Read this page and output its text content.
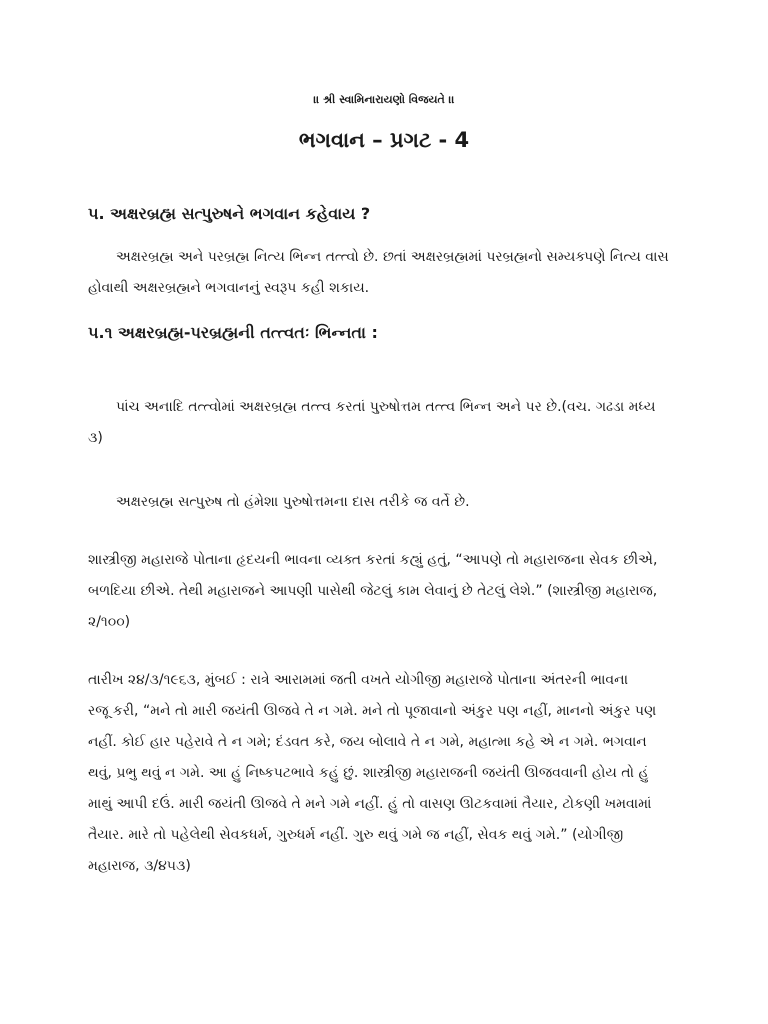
।। શ્રી સ્વામિનારાયણો વિજયતે ।।
ભગવાન – પ્રગટ - 4
૫. અક્ષરબ્રહ્મ સત્પુરુષને ભગવાન કહેવાય ?

અક્ષરબ્રહ્મ અને પરબ્રહ્મ નિત્ય ભિન્ન તત્ત્વો છે. છતાં અક્ષરબ્રહ્મમાં પરબ્રહ્મનો સમ્યક્પણે નિત્ય વાસ
હોવાથી અક્ષરબ્રહ્મને ભગવાનનું સ્વરૂપ કહી શકાય.

૫.૧ અક્ષરબ્રહ્મ-પરબ્રહ્મની તત્ત્વતઃ ભિન્નતા :

પાંચ અનાદિ તત્ત્વોમાં અક્ષરબ્રહ્મ તત્ત્વ કરતાં પુરુષોત્તમ તત્ત્વ ભિન્ન અને પર છે.(વચ. ગઢડા મધ્ય
૩)

અક્ષરબ્રહ્મ સત્પુરુષ તો હંમેશા પુરુષોત્તમના દાસ તરીકે જ વર્તે છે.

શાસ્ત્રીજી મહારાજે પોતાના હૃદયની ભાવના વ્યક્ત કરતાં કહ્યું હતું, “આપણે તો મહારાજના સેવક છીએ,
બળદિયા છીએ. તેથી મહારાજને આપણી પાસેથી જેટલું કામ લેવાનું છે તેટલું લેશે.” (શાસ્ત્રીજી મહારાજ,
૨/૧૦૦)

તારીખ ૨૪/૩/૧૯૬૩, મુંબઈ : રાત્રે આરામમાં જતી વખતે યોગીજી મહારાજે પોતાના અંતરની ભાવના
રજૂ કરી, “મને તો મારી જયંતી ઊજવે તે ન ગમે. મને તો પૂજાવાનો અંકુર પણ નહીં, માનનો અંકુર પણ
નહીં. કોઈ હાર પહેરાવે તે ન ગમે; દંડવત કરે, જય બોલાવે તે ન ગમે, મહાત્મા કહે એ ન ગમે. ભગવાન
થવું, પ્રભુ થવું ન ગમે. આ હું નિષ્કપટભાવે કહું છું. શાસ્ત્રીજી મહારાજની જયંતી ઊજવવાની હોય તો હું
માથું આપી દઉં. મારી જયંતી ઊજવે તે મને ગમે નહીં. હું તો વાસણ ઊટકવામાં તૈયાર, ટોકણી ખમવામાં
તૈયાર. મારે તો પહેલેથી સેવકધર્મ, ગુરુધર્મ નહીં. ગુરુ થવું ગમે જ નહીં, સેવક થવું ગમે.” (યોગીજી
મહારાજ, ૩/૪૫૩)
